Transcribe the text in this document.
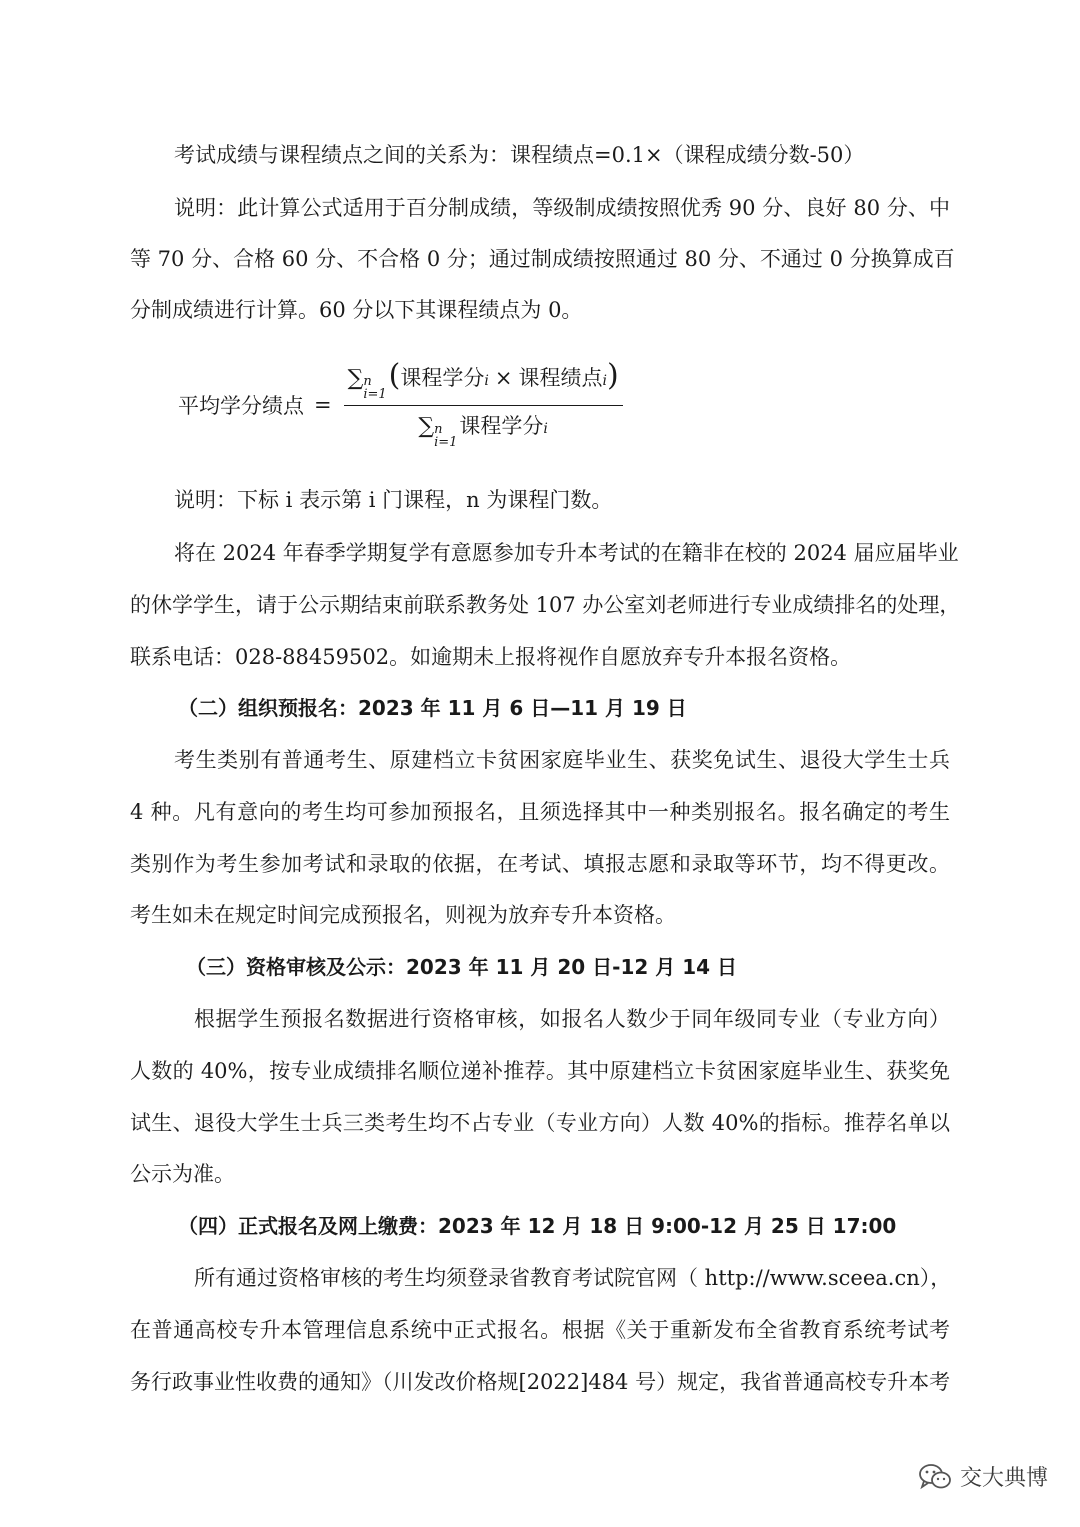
考试成绩与课程绩点之间的关系为：课程绩点=0.1×（课程成绩分数-50）
说明：此计算公式适用于百分制成绩，等级制成绩按照优秀 90 分、良好 80 分、中
等 70 分、合格 60 分、不合格 0 分；通过制成绩按照通过 80 分、不通过 0 分换算成百
分制成绩进行计算。60 分以下其课程绩点为 0。
平均学分绩点 =
∑ n
i=1
( 课程学分 i × 课程绩点 i )
∑ n
i=1
课程学分 i
说明：下标 i 表示第 i 门课程，n 为课程门数。
将在 2024 年春季学期复学有意愿参加专升本考试的在籍非在校的 2024 届应届毕业
的休学学生，请于公示期结束前联系教务处 107 办公室刘老师进行专业成绩排名的处理，
联系电话：028-88459502。如逾期未上报将视作自愿放弃专升本报名资格。
（二）组织预报名：2023 年 11 月 6 日—11 月 19 日
考生类别有普通考生、原建档立卡贫困家庭毕业生、获奖免试生、退役大学生士兵
4 种。凡有意向的考生均可参加预报名，且须选择其中一种类别报名。报名确定的考生
类别作为考生参加考试和录取的依据，在考试、填报志愿和录取等环节，均不得更改。
考生如未在规定时间完成预报名，则视为放弃专升本资格。
（三）资格审核及公示：2023 年 11 月 20 日-12 月 14 日
根据学生预报名数据进行资格审核，如报名人数少于同年级同专业（专业方向）
人数的 40%，按专业成绩排名顺位递补推荐。其中原建档立卡贫困家庭毕业生、获奖免
试生、退役大学生士兵三类考生均不占专业（专业方向）人数 40%的指标。推荐名单以
公示为准。
（四）正式报名及网上缴费：2023 年 12 月 18 日 9:00-12 月 25 日 17:00
所有通过资格审核的考生均须登录省教育考试院官网（ http://www.sceea.cn），
在普通高校专升本管理信息系统中正式报名。根据《关于重新发布全省教育系统考试考
务行政事业性收费的通知》（川发改价格规[2022]484 号）规定，我省普通高校专升本考
交大典博
